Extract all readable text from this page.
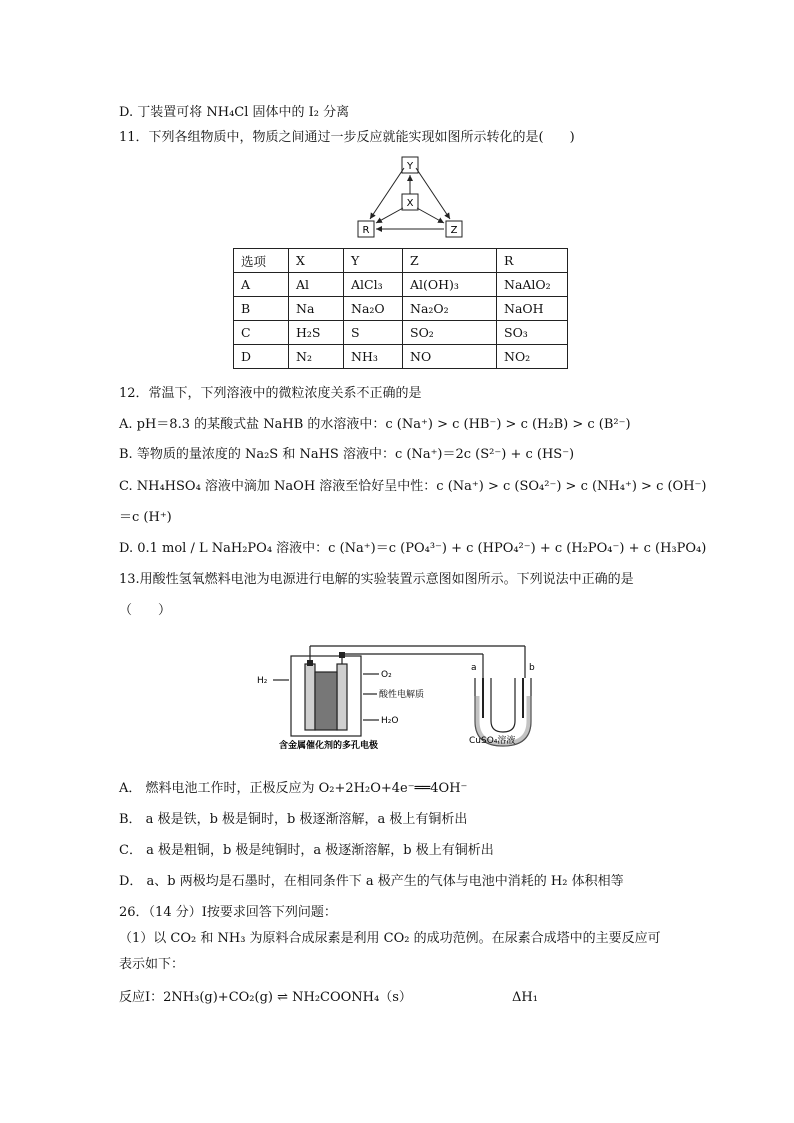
D. 丁装置可将 NH₄Cl 固体中的 I₂ 分离
11．下列各组物质中，物质之间通过一步反应就能实现如图所示转化的是(　　)
Y
X
R	Z
选项	X	Y	Z	R
A	Al	AlCl₃	Al(OH)₃	NaAlO₂
B	Na	Na₂O	Na₂O₂	NaOH
C	H₂S	S	SO₂	SO₃
D	N₂	NH₃	NO	NO₂
12．常温下，下列溶液中的微粒浓度关系不正确的是
A. pH＝8.3 的某酸式盐 NaHB 的水溶液中：c (Na⁺) > c (HB⁻) > c (H₂B) > c (B²⁻)
B. 等物质的量浓度的 Na₂S 和 NaHS 溶液中：c (Na⁺)＝2c (S²⁻) + c (HS⁻)
C. NH₄HSO₄ 溶液中滴加 NaOH 溶液至恰好呈中性：c (Na⁺) > c (SO₄²⁻) > c (NH₄⁺) > c (OH⁻)
＝c (H⁺)
D. 0.1 mol / L NaH₂PO₄ 溶液中：c (Na⁺)＝c (PO₄³⁻) + c (HPO₄²⁻) + c (H₂PO₄⁻) + c (H₃PO₄)
13.用酸性氢氧燃料电池为电源进行电解的实验装置示意图如图所示。下列说法中正确的是
（　　）
H₂
O₂
酸性电解质
H₂O
含金属催化剂的多孔电极
a	b
CuSO₄溶液
A． 燃料电池工作时，正极反应为 O₂+2H₂O+4e⁻══4OH⁻
B． a 极是铁，b 极是铜时，b 极逐渐溶解，a 极上有铜析出
C． a 极是粗铜，b 极是纯铜时，a 极逐渐溶解，b 极上有铜析出
D． a、b 两极均是石墨时，在相同条件下 a 极产生的气体与电池中消耗的 H₂ 体积相等
26．（14 分）Ⅰ按要求回答下列问题：
（1）以 CO₂ 和 NH₃ 为原料合成尿素是利用 CO₂ 的成功范例。在尿素合成塔中的主要反应可
表示如下：
反应Ⅰ：2NH₃(g)+CO₂(g) ⇌ NH₂COONH₄（s）	ΔH₁
